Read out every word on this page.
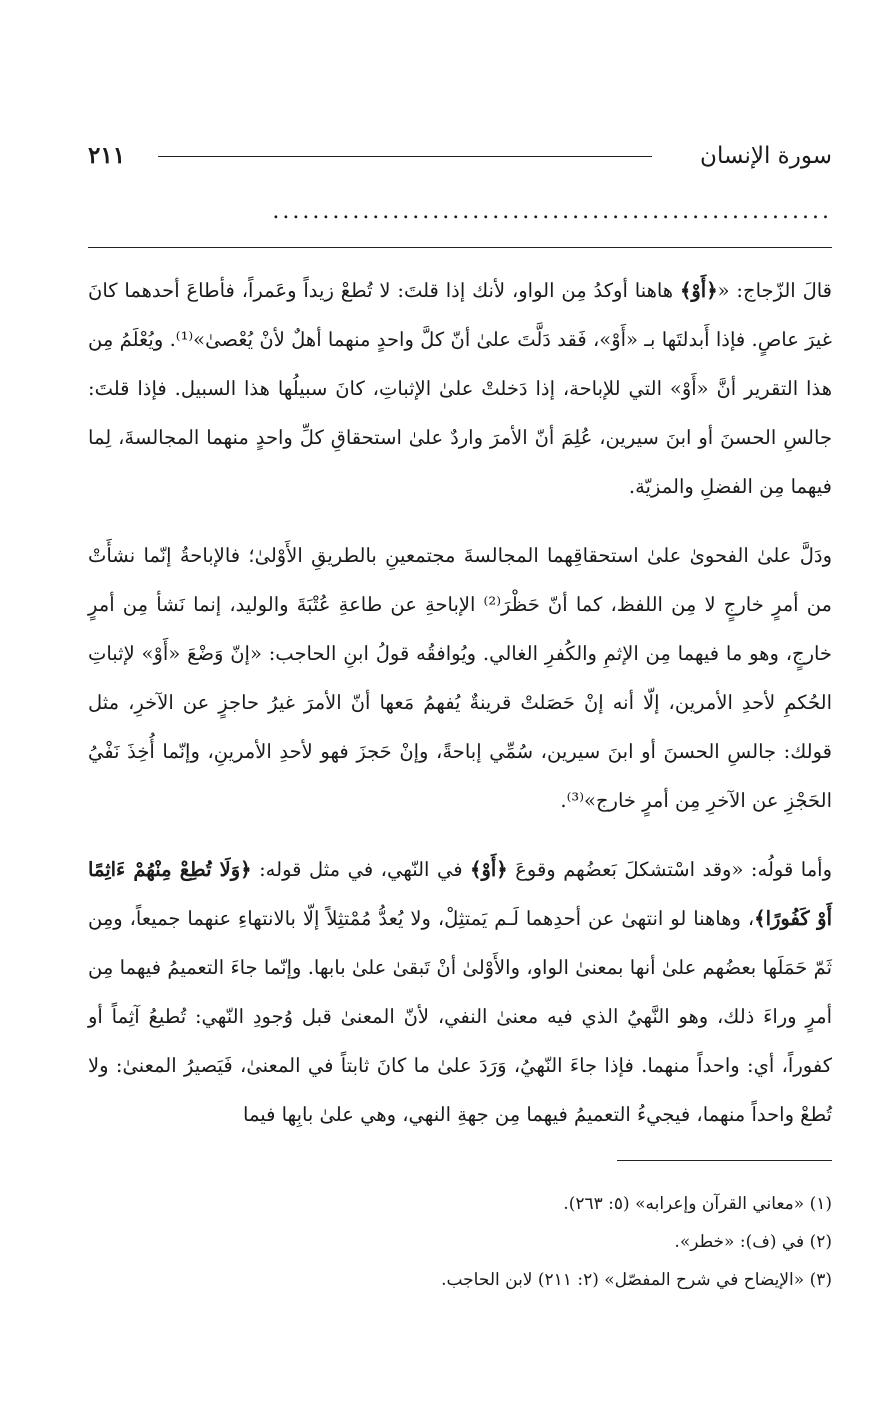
سورة الإنسان
٢١١
........................................................

قالَ الزّجاج: «﴿أَوْ﴾ هاهنا أوكدُ مِن الواو، لأنك إذا قلتَ: لا تُطعْ زيداً وعَمراً، فأطاعَ أحدهما كانَ غيرَ عاصٍ. فإذا أَبدلتَها بـ «أَوْ»، فَقد دَلَّتَ علىٰ أنّ كلَّ واحدٍ منهما أهلٌ لأنْ يُعْصىٰ»⁽¹⁾. ويُعْلَمُ مِن هذا التقرير أنَّ «أَوْ» التي للإباحة، إذا دَخلتْ علىٰ الإثباتِ، كانَ سبيلُها هذا السبيل. فإذا قلتَ: جالسِ الحسنَ أو ابنَ سيرين، عُلِمَ أنّ الأمرَ واردٌ علىٰ استحقاقِ كلِّ واحدٍ منهما المجالسةَ، لِما فيهما مِن الفضلِ والمزيّة.

ودَلَّ علىٰ الفحوىٰ علىٰ استحقاقِهما المجالسةَ مجتمعينِ بالطريقِ الأَوْلىٰ؛ فالإباحةُ إنّما نشأَتْ من أمرٍ خارجٍ لا مِن اللفظ، كما أنّ حَظْرَ⁽²⁾ الإباحةِ عن طاعةِ عُتْبَةَ والوليد، إنما نَشأ مِن أمرٍ خارجٍ، وهو ما فيهما مِن الإثمِ والكُفرِ الغالي. ويُوافقُه قولُ ابنِ الحاجب: «إنّ وَضْعَ «أَوْ» لإثباتِ الحُكمِ لأحدِ الأمرين، إلّا أنه إنْ حَصَلتْ قرينةٌ يُفهمُ مَعها أنّ الأمرَ غيرُ حاجزٍ عن الآخرِ، مثل قولك: جالسِ الحسنَ أو ابنَ سيرين، سُمِّي إباحةً، وإنْ حَجزَ فهو لأحدِ الأمرينِ، وإنّما أُخِذَ نَفْيُ الحَجْزِ عن الآخرِ مِن أمرٍ خارج»⁽³⁾.

وأما قولُه: «وقد اسْتشكلَ بَعضُهم وقوعَ ﴿أَوْ﴾ في النّهي، في مثل قوله: ﴿وَلَا تُطِعْ مِنْهُمْ ءَاثِمًا أَوْ كَفُورًا﴾، وهاهنا لو انتهىٰ عن أحدِهما لَـم يَمتثِلْ، ولا يُعدُّ مُمْتثِلاً إلّا بالانتهاءِ عنهما جميعاً، ومِن ثَمّ حَمَلَها بعضُهم علىٰ أنها بمعنىٰ الواو، والأَوْلىٰ أنْ تَبقىٰ علىٰ بابها. وإنّما جاءَ التعميمُ فيهما مِن أمرٍ وراءَ ذلك، وهو النَّهيُ الذي فيه معنىٰ النفي، لأنّ المعنىٰ قبل وُجودِ النّهي: تُطيعُ آثِماً أو كفوراً، أي: واحداً منهما. فإذا جاءَ النّهيُ، وَرَدَ علىٰ ما كانَ ثابتاً في المعنىٰ، فَيَصيرُ المعنىٰ: ولا تُطعْ واحداً منهما، فيجيءُ التعميمُ فيهما مِن جهةِ النهي، وهي علىٰ بابِها فيما

(١) «معاني القرآن وإعرابه» (٥: ٢٦٣).

(٢) في (ف): «خطر».

(٣) «الإيضاح في شرح المفصّل» (٢: ٢١١) لابن الحاجب.
